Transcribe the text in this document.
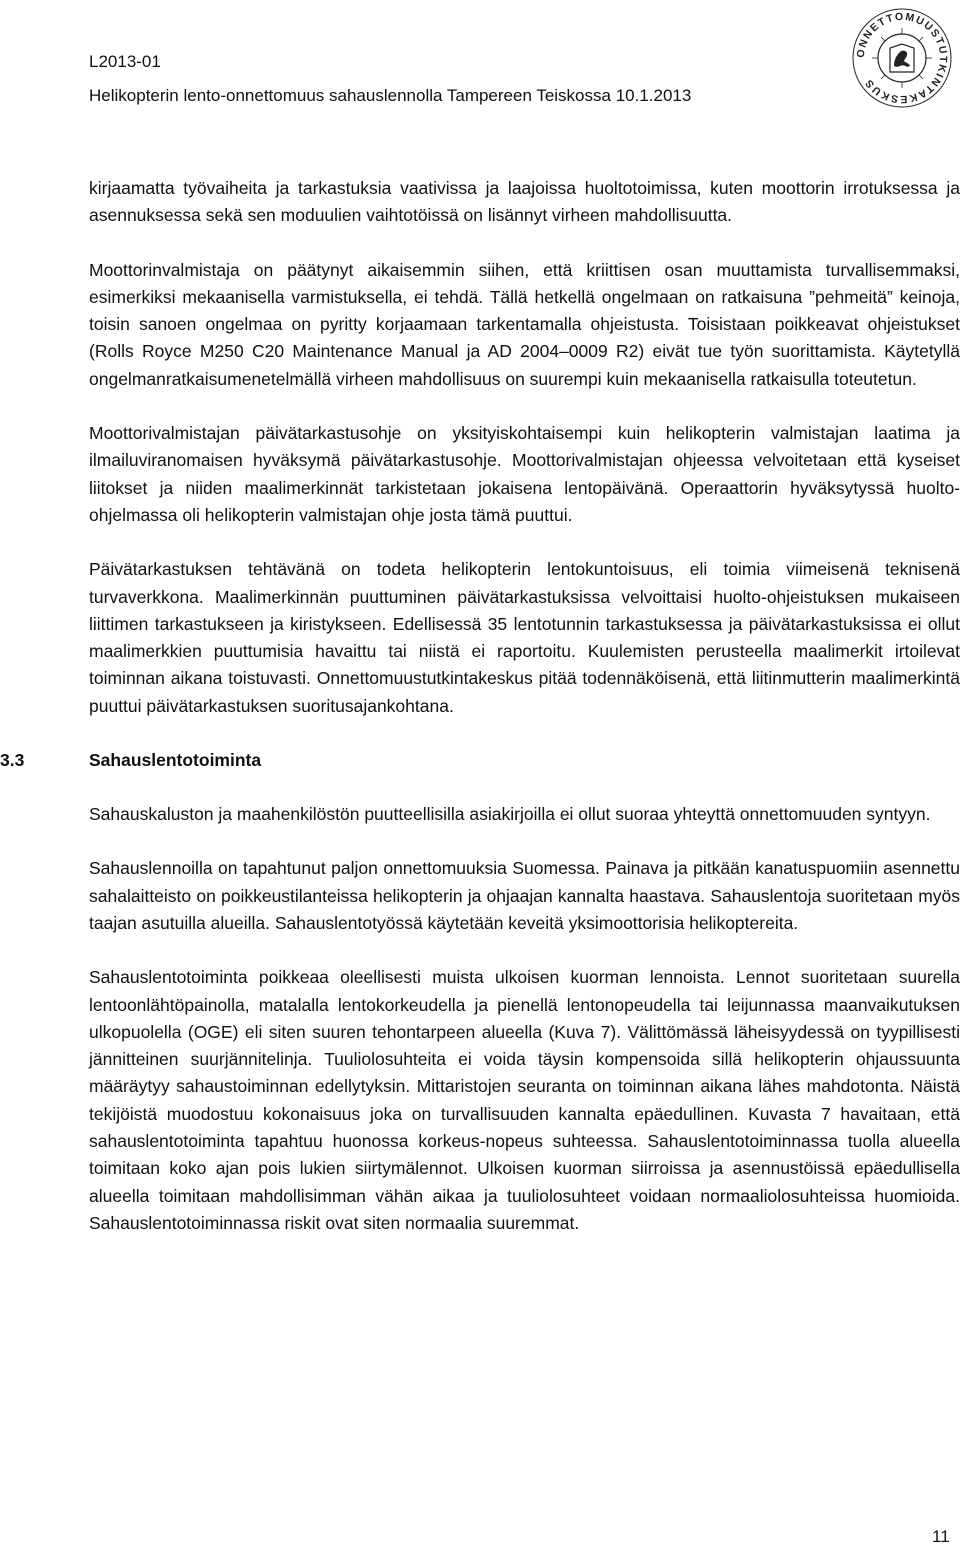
L2013-01

Helikopterin lento-onnettomuus sahauslennolla Tampereen Teiskossa 10.1.2013

ONNETTOMUUSTUTKINTAKESKUS

kirjaamatta työvaiheita ja tarkastuksia vaativissa ja laajoissa huoltotoimissa, kuten moottorin irrotuksessa ja asennuksessa sekä sen moduulien vaihtotöissä on lisännyt virheen mahdollisuutta.

Moottorinvalmistaja on päätynyt aikaisemmin siihen, että kriittisen osan muuttamista turvallisemmaksi, esimerkiksi mekaanisella varmistuksella, ei tehdä. Tällä hetkellä ongelmaan on ratkaisuna ”pehmeitä” keinoja, toisin sanoen ongelmaa on pyritty korjaamaan tarkentamalla ohjeistusta. Toisistaan poikkeavat ohjeistukset (Rolls Royce M250 C20 Maintenance Manual ja AD 2004‒0009 R2) eivät tue työn suorittamista. Käytetyllä ongelmanratkaisumenetelmällä virheen mahdollisuus on suurempi kuin mekaanisella ratkaisulla toteutetun.

Moottorivalmistajan päivätarkastusohje on yksityiskohtaisempi kuin helikopterin valmistajan laatima ja ilmailuviranomaisen hyväksymä päivätarkastusohje. Moottorivalmistajan ohjeessa velvoitetaan että kyseiset liitokset ja niiden maalimerkinnät tarkistetaan jokaisena lentopäivänä. Operaattorin hyväksytyssä huolto-ohjelmassa oli helikopterin valmistajan ohje josta tämä puuttui.

Päivätarkastuksen tehtävänä on todeta helikopterin lentokuntoisuus, eli toimia viimeisenä teknisenä turvaverkkona. Maalimerkinnän puuttuminen päivätarkastuksissa velvoittaisi huolto-ohjeistuksen mukaiseen liittimen tarkastukseen ja kiristykseen. Edellisessä 35 lentotunnin tarkastuksessa ja päivätarkastuksissa ei ollut maalimerkkien puuttumisia havaittu tai niistä ei raportoitu. Kuulemisten perusteella maalimerkit irtoilevat toiminnan aikana toistuvasti. Onnettomuustutkintakeskus pitää todennäköisenä, että liitinmutterin maalimerkintä puuttui päivätarkastuksen suoritusajankohtana.

3.3	Sahauslentotoiminta

Sahauskaluston ja maahenkilöstön puutteellisilla asiakirjoilla ei ollut suoraa yhteyttä onnettomuuden syntyyn.

Sahauslennoilla on tapahtunut paljon onnettomuuksia Suomessa. Painava ja pitkään kanatuspuomiin asennettu sahalaitteisto on poikkeustilanteissa helikopterin ja ohjaajan kannalta haastava. Sahauslentoja suoritetaan myös taajan asutuilla alueilla. Sahauslentotyössä käytetään keveitä yksimoottorisia helikoptereita.

Sahauslentotoiminta poikkeaa oleellisesti muista ulkoisen kuorman lennoista. Lennot suoritetaan suurella lentoonlähtöpainolla, matalalla lentokorkeudella ja pienellä lentonopeudella tai leijunnassa maanvaikutuksen ulkopuolella (OGE) eli siten suuren tehontarpeen alueella (Kuva 7). Välittömässä läheisyydessä on tyypillisesti jännitteinen suurjännitelinja. Tuuliolosuhteita ei voida täysin kompensoida sillä helikopterin ohjaussuunta määräytyy sahaustoiminnan edellytyksin. Mittaristojen seuranta on toiminnan aikana lähes mahdotonta. Näistä tekijöistä muodostuu kokonaisuus joka on turvallisuuden kannalta epäedullinen. Kuvasta 7 havaitaan, että sahauslentotoiminta tapahtuu huonossa korkeus-nopeus suhteessa. Sahauslentotoiminnassa tuolla alueella toimitaan koko ajan pois lukien siirtymälennot. Ulkoisen kuorman siirroissa ja asennustöissä epäedullisella alueella toimitaan mahdollisimman vähän aikaa ja tuuliolosuhteet voidaan normaaliolosuhteissa huomioida. Sahauslentotoiminnassa riskit ovat siten normaalia suuremmat.

11
